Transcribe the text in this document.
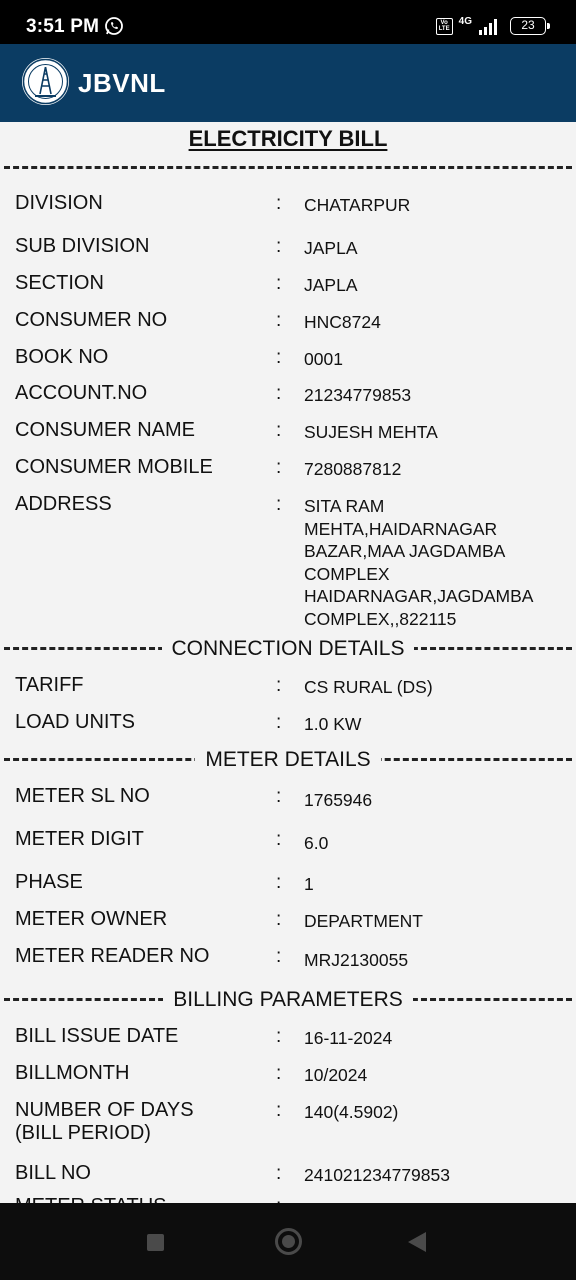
3:51 PM	Vo LTE
4G	23
JBVNL
ELECTRICITY BILL
DIVISION	: CHATARPUR
SUB DIVISION	: JAPLA
SECTION	: JAPLA
CONSUMER NO	: HNC8724
BOOK NO	: 0001
ACCOUNT.NO	: 21234779853
CONSUMER NAME	: SUJESH MEHTA
CONSUMER MOBILE	: 7280887812
ADDRESS	: SITA RAM MEHTA,HAIDARNAGAR BAZAR,MAA JAGDAMBA COMPLEX HAIDARNAGAR,JAGDAMBA COMPLEX,,822115
CONNECTION DETAILS
TARIFF	: CS RURAL (DS)
LOAD UNITS	: 1.0 KW
METER DETAILS
METER SL NO	: 1765946
METER DIGIT	: 6.0
PHASE	: 1
METER OWNER	: DEPARTMENT
METER READER NO	: MRJ2130055
BILLING PARAMETERS
BILL ISSUE DATE	: 16-11-2024
BILLMONTH	: 10/2024
NUMBER OF DAYS (BILL PERIOD)
: 140(4.5902)
BILL NO	: 241021234779853
